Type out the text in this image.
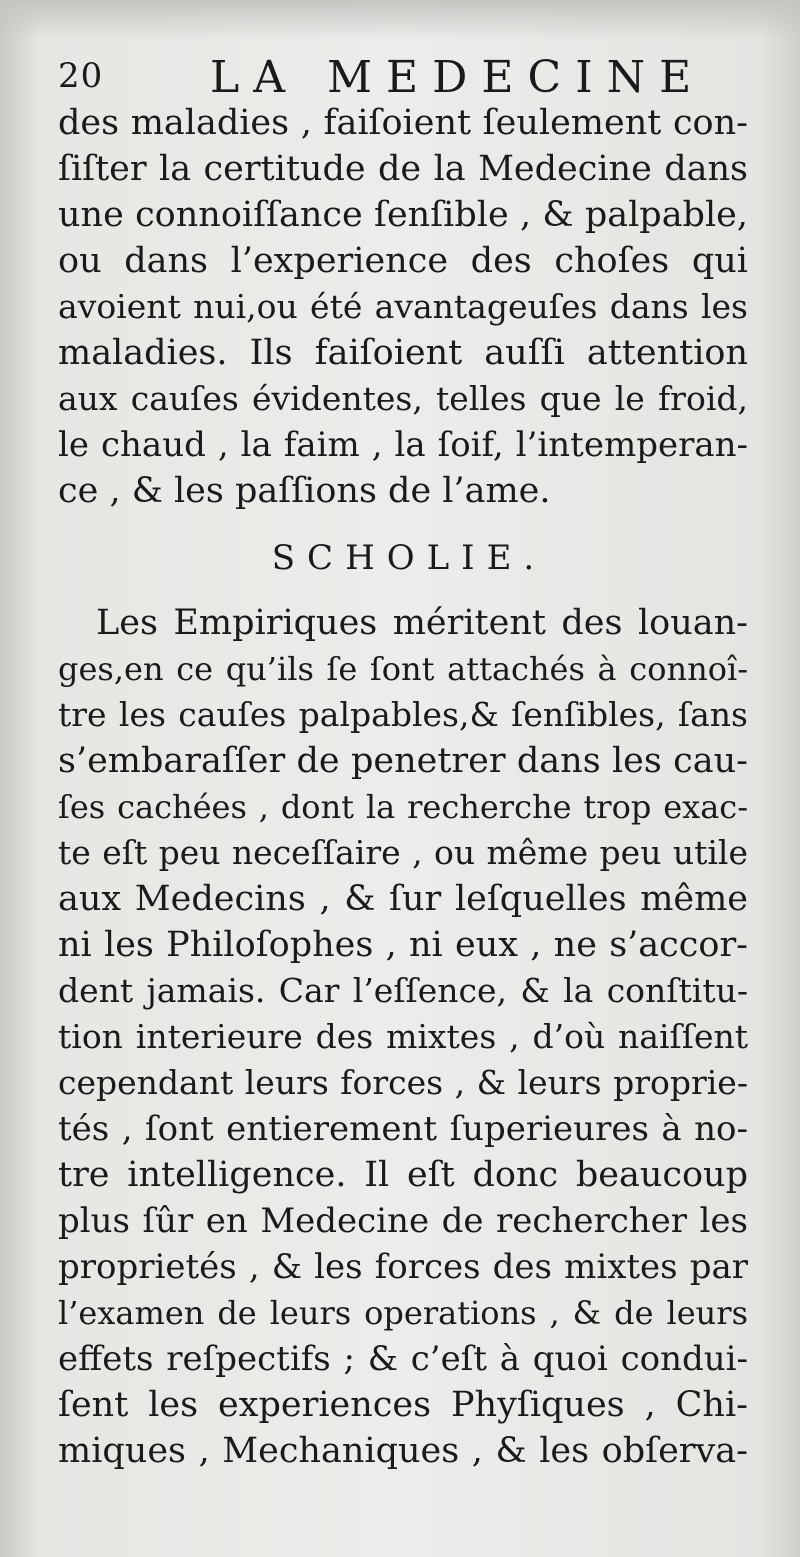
20 LA MEDECINE
des maladies , faiſoient ſeulement con-
ſiſter la certitude de la Medecine dans
une connoiſſance ſenſible , & palpable,
ou dans l’experience des choſes qui
avoient nui,ou été avantageuſes dans les
maladies. Ils faiſoient auſſi attention
aux cauſes évidentes, telles que le froid,
le chaud , la faim , la ſoif, l’intemperan-
ce , & les paſſions de l’ame.
SCHOLIE.
Les Empiriques méritent des louan-
ges,en ce qu’ils ſe ſont attachés à connoî-
tre les cauſes palpables,& ſenſibles, ſans
s’embaraſſer de penetrer dans les cau-
ſes cachées , dont la recherche trop exac-
te eſt peu neceſſaire , ou même peu utile
aux Medecins , & ſur leſquelles même
ni les Philoſophes , ni eux , ne s’accor-
dent jamais. Car l’eſſence, & la conſtitu-
tion interieure des mixtes , d’où naiſſent
cependant leurs forces , & leurs proprie-
tés , ſont entierement ſuperieures à no-
tre intelligence. Il eſt donc beaucoup
plus ſûr en Medecine de rechercher les
proprietés , & les forces des mixtes par
l’examen de leurs operations , & de leurs
effets reſpectifs ; & c’eſt à quoi condui-
ſent les experiences Phyſiques , Chi-
miques , Mechaniques , & les obſerva-
